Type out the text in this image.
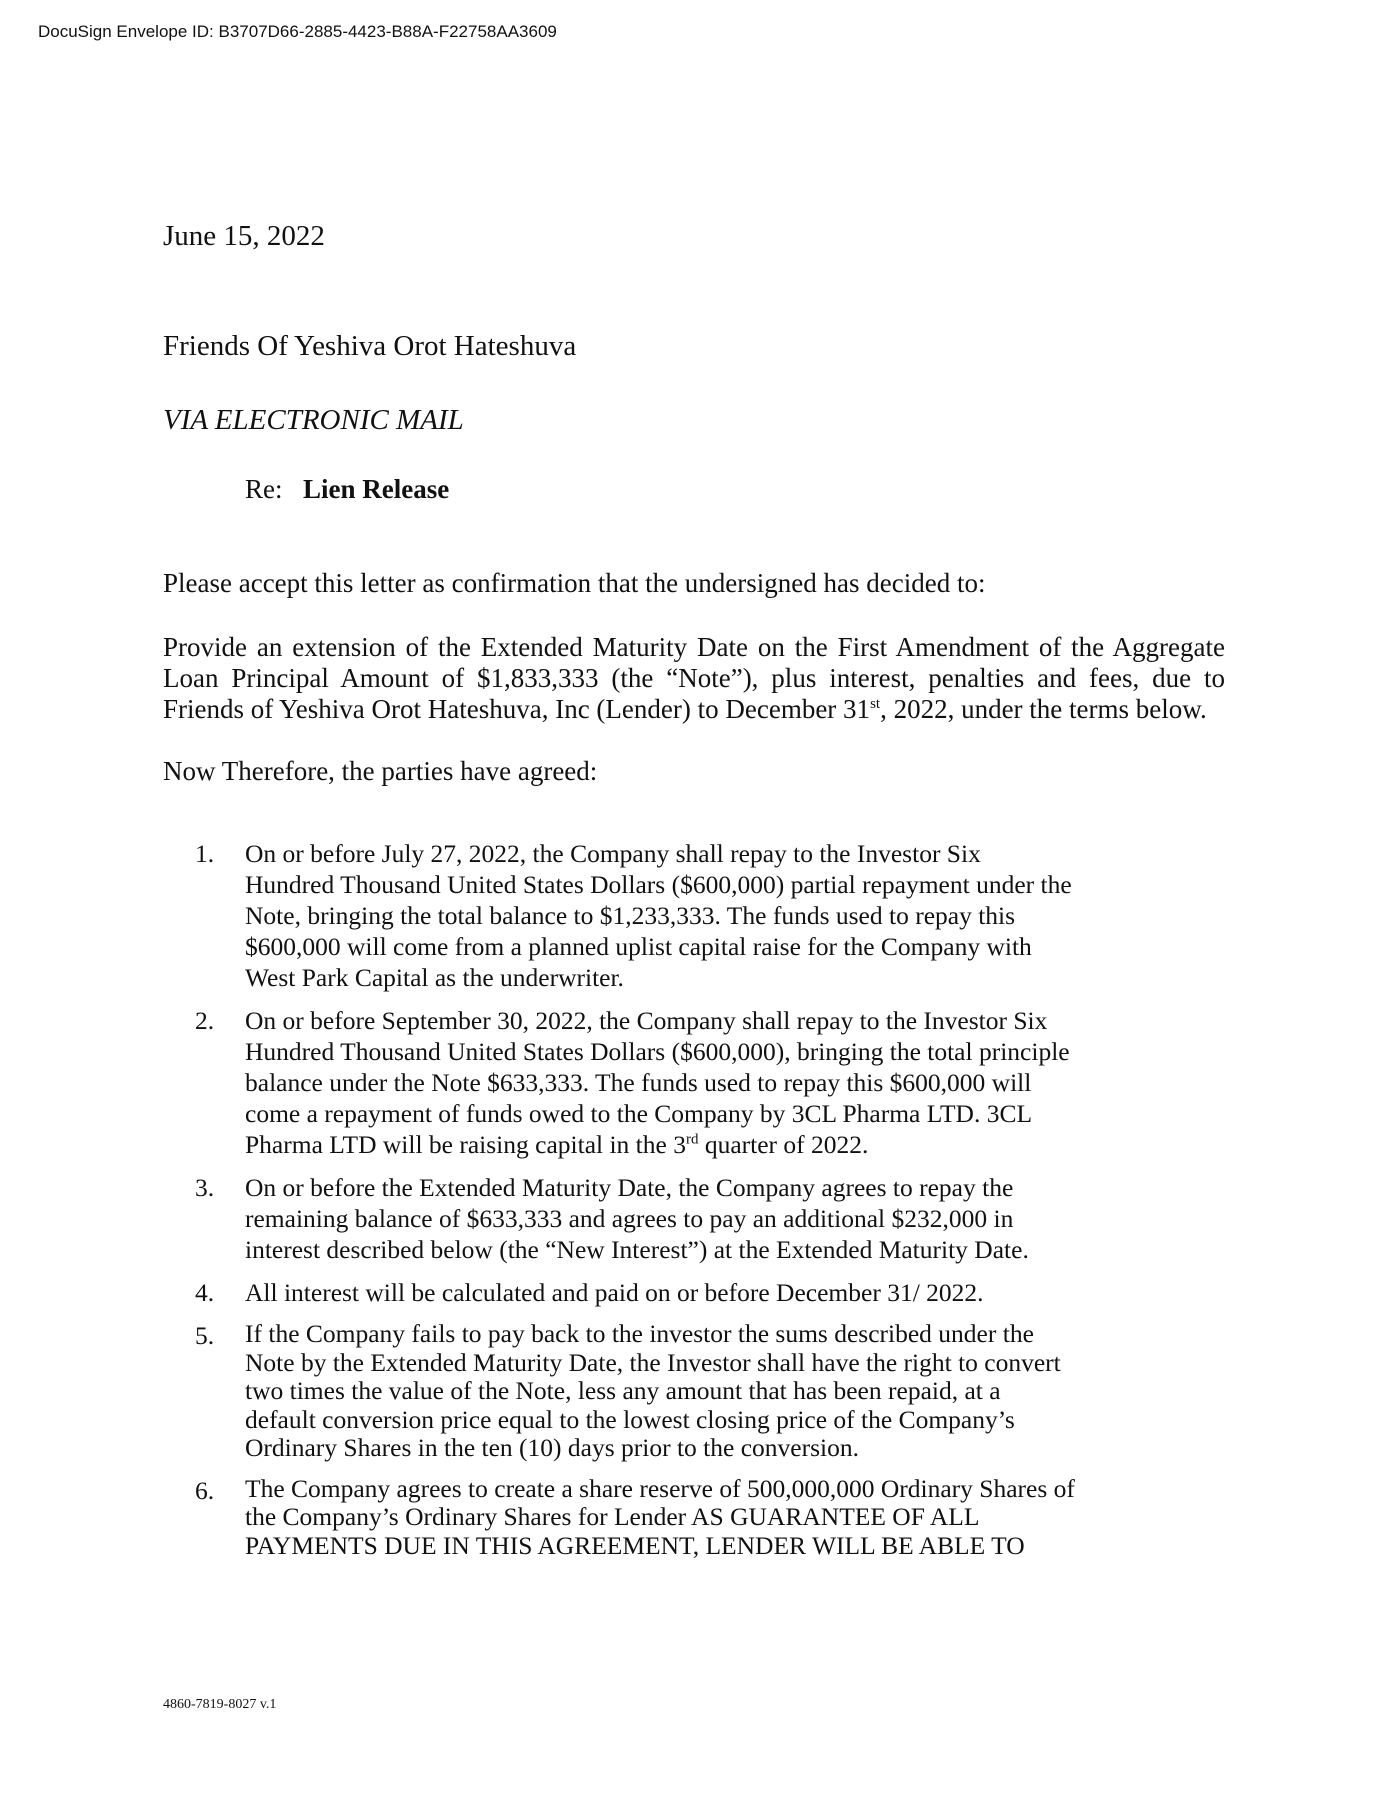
DocuSign Envelope ID: B3707D66-2885-4423-B88A-F22758AA3609
June 15, 2022
Friends Of Yeshiva Orot Hateshuva
VIA ELECTRONIC MAIL
Re: Lien Release
Please accept this letter as confirmation that the undersigned has decided to:
Provide an extension of the Extended Maturity Date on the First Amendment of the Aggregate Loan Principal Amount of $1,833,333 (the “Note”), plus interest, penalties and fees, due to Friends of Yeshiva Orot Hateshuva, Inc (Lender) to December 31st, 2022, under the terms below.
Now Therefore, the parties have agreed:
1.	On or before July 27, 2022, the Company shall repay to the Investor Six Hundred Thousand United States Dollars ($600,000) partial repayment under the Note, bringing the total balance to $1,233,333. The funds used to repay this $600,000 will come from a planned uplist capital raise for the Company with West Park Capital as the underwriter.
2.	On or before September 30, 2022, the Company shall repay to the Investor Six Hundred Thousand United States Dollars ($600,000), bringing the total principle balance under the Note $633,333. The funds used to repay this $600,000 will come a repayment of funds owed to the Company by 3CL Pharma LTD. 3CL Pharma LTD will be raising capital in the 3rd quarter of 2022.
3.	On or before the Extended Maturity Date, the Company agrees to repay the remaining balance of $633,333 and agrees to pay an additional $232,000 in interest described below (the “New Interest”) at the Extended Maturity Date.
4.	All interest will be calculated and paid on or before December 31/ 2022.
5.	If the Company fails to pay back to the investor the sums described under the Note by the Extended Maturity Date, the Investor shall have the right to convert two times the value of the Note, less any amount that has been repaid, at a default conversion price equal to the lowest closing price of the Company’s Ordinary Shares in the ten (10) days prior to the conversion.
6.	The Company agrees to create a share reserve of 500,000,000 Ordinary Shares of the Company’s Ordinary Shares for Lender AS GUARANTEE OF ALL PAYMENTS DUE IN THIS AGREEMENT, LENDER WILL BE ABLE TO
4860-7819-8027 v.1
